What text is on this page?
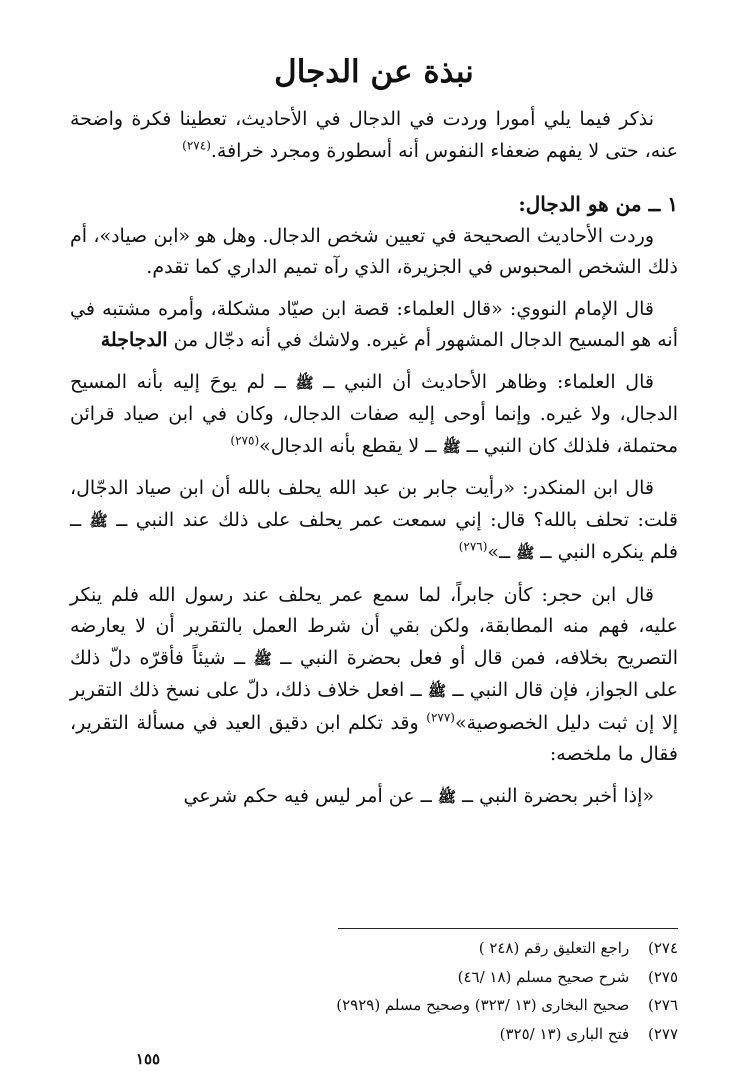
نبذة عن الدجال

نذكر فيما يلي أمورا وردت في الدجال في الأحاديث، تعطينا فكرة واضحة عنه، حتى لا يفهم ضعفاء النفوس أنه أسطورة ومجرد خرافة.$^{(٢٧٤)}$

١ ــ من هو الدجال:

وردت الأحاديث الصحيحة في تعيين شخص الدجال. وهل هو «ابن صياد»، أم ذلك الشخص المحبوس في الجزيرة، الذي رآه تميم الداري كما تقدم.

قال الإمام النووي: «قال العلماء: قصة ابن صيّاد مشكلة، وأمره مشتبه في أنه هو المسيح الدجال المشهور أم غيره. ولاشك في أنه دجّال من الدجاجلة

قال العلماء: وظاهر الأحاديث أن النبي ــ ﷺ ــ لم يوحَ إليه بأنه المسيح الدجال، ولا غيره. وإنما أوحى إليه صفات الدجال، وكان في ابن صياد قرائن محتملة، فلذلك كان النبي ــ ﷺ ــ لا يقطع بأنه الدجال»$^{(٢٧٥)}$

قال ابن المنكدر: «رأيت جابر بن عبد الله يحلف بالله أن ابن صياد الدجّال، قلت: تحلف بالله؟ قال: إني سمعت عمر يحلف على ذلك عند النبي ــ ﷺ ــ فلم ينكره النبي ــ ﷺ ــ»$^{(٢٧٦)}$

قال ابن حجر: كأن جابراً، لما سمع عمر يحلف عند رسول الله فلم ينكر عليه، فهم منه المطابقة، ولكن بقي أن شرط العمل بالتقرير أن لا يعارضه التصريح بخلافه، فمن قال أو فعل بحضرة النبي ــ ﷺ ــ شيئاً فأقرّه دلّ ذلك على الجواز، فإن قال النبي ــ ﷺ ــ افعل خلاف ذلك، دلّ على نسخ ذلك التقرير إلا إن ثبت دليل الخصوصية»$^{(٢٧٧)}$ وقد تكلم ابن دقيق العيد في مسألة التقرير، فقال ما ملخصه:

«إذا أخبر بحضرة النبي ــ ﷺ ــ عن أمر ليس فيه حكم شرعي

٢٧٤) راجع التعليق رقم (٢٤٨ )
٢٧٥) شرح صحيح مسلم (١٨ /٤٦)
٢٧٦) صحيح البخارى (١٣ /٣٢٣) وصحيح مسلم (٢٩٢٩)
٢٧٧) فتح البارى (١٣ /٣٢٥)
١٥٥
